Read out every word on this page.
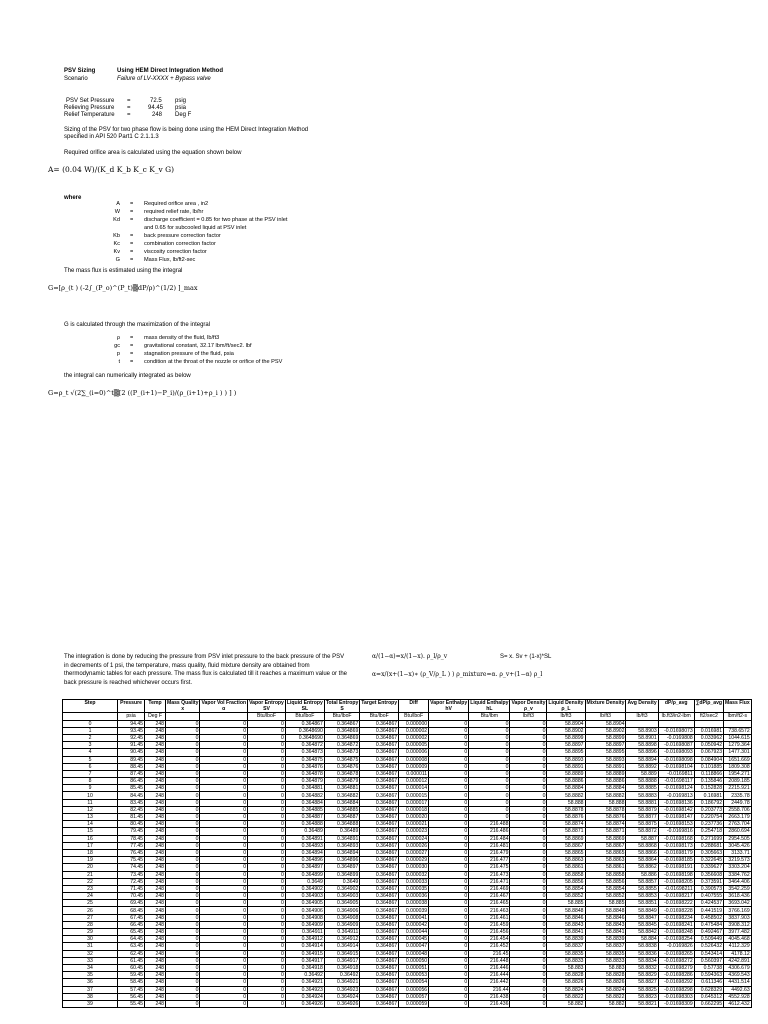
PSV Sizing	Using HEM Direct Integration Method
Scenario	Failure of LV-XXXX + Bypass valve
PSV Set Pressure =	72.5 psig
Relieving Pressure =	94.45 psia
Relief Temperature =	248 Deg F
Sizing of the PSV for two phase flow is being done using the HEM Direct Integration Method
specified in API 520 Part1 C 2.1.1.3
Required orifice area is calculated using the equation shown below
A= (0.04 W)/(K_d K_b K_c K_v G)
where
A = Required orifice area , in2
W = required relief rate, lb/hr
Kd = discharge coefficient = 0.85 for two phase at the PSV inlet
and 0.65 for subcooled liquid at PSV inlet
Kb = back pressure correction factor
Kc = combination correction factor
Kv = viscosity correction factor
G = Mass Flux, lb/ft2-sec
The mass flux is estimated using the integral
G=[ρ_(t ) (-2∫_(P_o)^(P_t)▒dP/ρ)^(1/2) ]_max
G is calculated through the maximization of the integral
ρ = mass density of the fluid, lb/ft3
gc = gravitational constant, 32.17 lbm/ft/sec2. lbf
p = stagnation pressure of the fluid, psia
t = condition at the throat of the nozzle or orifice of the PSV
the integral can numerically integrated as below
G=ρ_t √(2∑_(i=0)^t▒[2 ((P_(i+1)−P_i)/(ρ_(i+1)+ρ_i ) ) ] )
The integration is done by reducing the pressure from PSV inlet pressure to the back pressure of the PSV in decrements of 1 psi, the temperature, mass quality, fluid mixture density are obtained from thermodynamic tables for each pressure. The mass flux is calculated till it reaches a maximum value or the back pressure is reached whichever occurs first.
α/(1−α)=x/(1−x). ρ_l/ρ_v	S= x. Sv + (1-x)*SL
α=x/(x+(1−x)∗ (ρ_V/ρ_L ) ) ρ_mixture=α. ρ_v+(1−α) ρ_l
Step	Pressure	Temp	Mass Quality	Vapor Vol Fraction	Vapor Entropy	Liquid Entropy	Total Entropy	Target Entropy	Diff	Vapor Enthalpy	Liquid Enthalpy	Vapor Density	Liquid Density	Mixture Density	Avg Density	dP/ρ_avg	∑dP/ρ_avg	Mass Flux
			x	α	SV	SL	S			hV	hL	ρ_v	ρ_L					
	psia	Deg F			Btu/lboF	Btu/lboF	Btu/lboF	Btu/lboF	Btu/lboF		Btu/lbm	lb/ft3	lb/ft3	lb/ft3	lb/ft3	lb.ft3/in2-lbm	ft2/sec2	lbm/ft2-s
0	94.45	248	0	0	0	0.364867	0.364867	0.364867	0.000000	0	0	0	58.8904	58.8904				
1	93.45	248	0	0	0	0.3648690	0.364869	0.364867	0.000002	0	0	0	58.8902	58.8902	58.8903	-0.01698073	0.016981	738.6572
2	92.45	248	0	0	0	0.3648690	0.364869	0.364867	0.000002	0	0	0	58.8899	58.8899	58.8901	-0.0169808	0.033962	1044.615
3	91.45	248	0	0	0	0.364872	0.364872	0.364867	0.000005	0	0	0	58.8897	58.8897	58.8898	-0.01698087	0.050942	1279.364
4	90.45	248	0	0	0	0.364873	0.364873	0.364867	0.000006	0	0	0	58.8895	58.8895	58.8896	-0.01698093	0.067923	1477.301
5	89.45	248	0	0	0	0.364875	0.364875	0.364867	0.000008	0	0	0	58.8893	58.8893	58.8894	-0.01698098	0.084904	1651.669
6	88.45	248	0	0	0	0.364876	0.364876	0.364867	0.000009	0	0	0	58.8891	58.8891	58.8892	-0.01698104	0.101885	1809.308
7	87.45	248	0	0	0	0.364878	0.364878	0.364867	0.000011	0	0	0	58.8889	58.8889	58.889	-0.0169811	0.118866	1954.271
8	86.45	248	0	0	0	0.364879	0.364879	0.364867	0.000012	0	0	0	58.8886	58.8886	58.8888	-0.01698117	0.135846	2089.185
9	85.45	248	0	0	0	0.364881	0.364881	0.364867	0.000014	0	0	0	58.8884	58.8884	58.8885	-0.01698124	0.152828	2215.921
10	84.45	248	0	0	0	0.364882	0.364882	0.364867	0.000015	0	0	0	58.8882	58.8882	58.8883	-0.0169813	0.16981	2335.78
11	83.45	248	0	0	0	0.364884	0.364884	0.364867	0.000017	0	0	0	58.888	58.888	58.8881	-0.01698136	0.186792	2449.78
12	82.45	248	0	0	0	0.364885	0.364885	0.364867	0.000018	0	0	0	58.8878	58.8878	58.8879	-0.01698142	0.203773	2558.706
13	81.45	248	0	0	0	0.364887	0.364887	0.364867	0.000020	0	0	0	58.8876	58.8876	58.8877	-0.01698147	0.220754	2663.179
14	80.45	248	0	0	0	0.364888	0.364888	0.364867	0.000021	0	216.488	0	58.8874	58.8874	58.8875	-0.01698153	0.237736	2763.704
15	79.45	248	0	0	0	0.36489	0.36489	0.364867	0.000023	0	216.486	0	58.8871	58.8871	58.8872	-0.0169816	0.254718	2860.694
16	78.45	248	0	0	0	0.364891	0.364891	0.364867	0.000024	0	216.484	0	58.8869	58.8869	58.887	-0.01698168	0.271699	2954.505
17	77.45	248	0	0	0	0.364893	0.364893	0.364867	0.000026	0	216.481	0	58.8867	58.8867	58.8868	-0.01698173	0.288681	3045.426
18	76.45	248	0	0	0	0.364894	0.364894	0.364867	0.000027	0	216.479	0	58.8865	58.8865	58.8866	-0.01698179	0.305663	3133.71
19	75.45	248	0	0	0	0.364896	0.364896	0.364867	0.000029	0	216.477	0	58.8863	58.8863	58.8864	-0.01698185	0.322645	3219.573
20	74.45	248	0	0	0	0.364897	0.364897	0.364867	0.000030	0	216.475	0	58.8861	58.8861	58.8862	-0.01698191	0.339627	3303.204
21	73.45	248	0	0	0	0.364899	0.364899	0.364867	0.000032	0	216.473	0	58.8858	58.8858	58.886	-0.01698198	0.356608	3384.762
22	72.45	248	0	0	0	0.3649	0.3649	0.364867	0.000033	0	216.471	0	58.8856	58.8856	58.8857	-0.01698205	0.373591	3464.406
23	71.45	248	0	0	0	0.364902	0.364902	0.364867	0.000035	0	216.469	0	58.8854	58.8854	58.8855	-0.01698211	0.390573	3542.259
24	70.45	248	0	0	0	0.364903	0.364903	0.364867	0.000036	0	216.467	0	58.8852	58.8852	58.8853	-0.01698217	0.407555	3618.436
25	69.45	248	0	0	0	0.364905	0.364905	0.364867	0.000038	0	216.465	0	58.885	58.885	58.8851	-0.01698222	0.424537	3693.042
26	68.45	248	0	0	0	0.364906	0.364906	0.364867	0.000039	0	216.463	0	58.8848	58.8848	58.8849	-0.01698228	0.441519	3766.169
27	67.45	248	0	0	0	0.364908	0.364908	0.364867	0.000041	0	216.461	0	58.8846	58.8846	58.8847	-0.01698234	0.458502	3837.903
28	66.45	248	0	0	0	0.364909	0.364909	0.364867	0.000042	0	216.459	0	58.8843	58.8843	58.8845	-0.01698241	0.475484	3908.312
29	65.45	248	0	0	0	0.364911	0.364911	0.364867	0.000044	0	216.456	0	58.8841	58.8841	58.8842	-0.01698248	0.492467	3977.482
30	64.45	248	0	0	0	0.364912	0.364912	0.364867	0.000045	0	216.454	0	58.8839	58.8839	58.884	-0.01698254	0.509449	4045.468
31	63.45	248	0	0	0	0.364914	0.364914	0.364867	0.000047	0	216.452	0	58.8837	58.8837	58.8838	-0.0169826	0.526432	4112.329
32	62.45	248	0	0	0	0.364915	0.364915	0.364867	0.000048	0	216.45	0	58.8835	58.8835	58.8836	-0.01698265	0.543414	4178.12
33	61.45	248	0	0	0	0.364917	0.364917	0.364867	0.000050	0	216.448	0	58.8833	58.8833	58.8834	-0.01698272	0.560397	4242.891
34	60.45	248	0	0	0	0.364918	0.364918	0.364867	0.000051	0	216.446	0	58.883	58.883	58.8832	-0.01698279	0.57738	4306.679
35	59.45	248	0	0	0	0.36492	0.36492	0.364867	0.000053	0	216.444	0	58.8828	58.8828	58.8829	-0.01698286	0.594363	4369.543
36	58.45	248	0	0	0	0.364921	0.364921	0.364867	0.000054	0	216.442	0	58.8826	58.8826	58.8827	-0.01698292	0.611346	4431.514
37	57.45	248	0	0	0	0.364923	0.364923	0.364867	0.000056	0	216.44	0	58.8824	58.8824	58.8825	-0.01698298	0.628329	4492.63
38	56.45	248	0	0	0	0.364924	0.364924	0.364867	0.000057	0	216.438	0	58.8822	58.8822	58.8823	-0.01698303	0.645312	4552.928
39	55.45	248	0	0	0	0.364926	0.364926	0.364867	0.000059	0	216.436	0	58.882	58.882	58.8821	-0.01698309	0.662295	4612.432
